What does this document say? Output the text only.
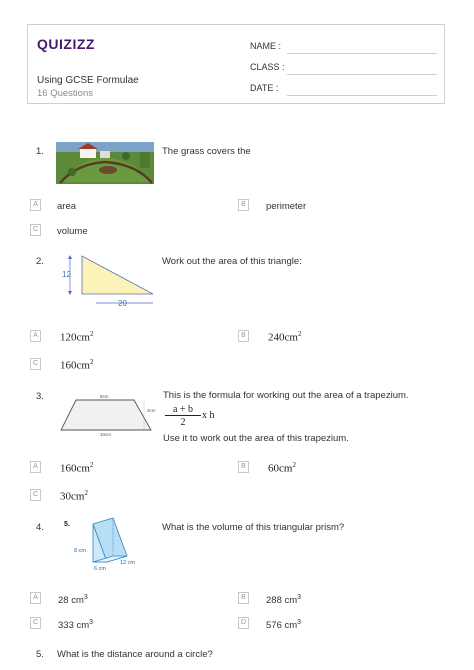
QUIZIZZ
Using GCSE Formulae
16 Questions
NAME :
CLASS :
DATE :
1.	The grass covers the
A	area	B	perimeter
C	volume
2.
12
20
Work out the area of this triangle:
A $120cm^2$	B $240cm^2$
C $160cm^2$
3.	8cm
10cm
3cm
This is the formula for working out the area of a trapezium.
a + b
2
x h
Use it to work out the area of this trapezium.
A $160cm^2$	B $60cm^2$
C $30cm^2$
4.	5.
8 cm
6 cm
12 cm
What is the volume of this triangular prism?
A	28 $cm^3$	B	288 $cm^3$
C	333 $cm^3$	D	576 $cm^3$
5. What is the distance around a circle?
